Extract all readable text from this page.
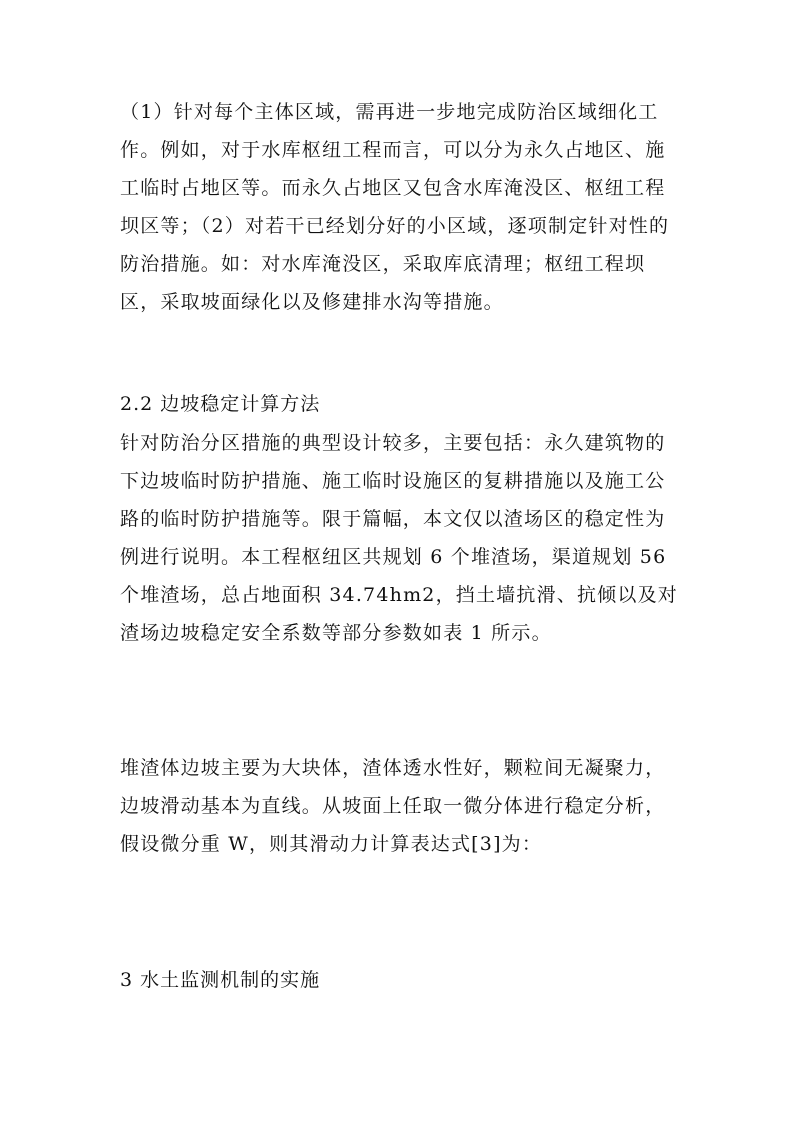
（1）针对每个主体区域，需再进一步地完成防治区域细化工作。例如，对于水库枢纽工程而言，可以分为永久占地区、施工临时占地区等。而永久占地区又包含水库淹没区、枢纽工程坝区等；（2）对若干已经划分好的小区域，逐项制定针对性的防治措施。如：对水库淹没区，采取库底清理；枢纽工程坝区，采取坡面绿化以及修建排水沟等措施。

2.2 边坡稳定计算方法

针对防治分区措施的典型设计较多，主要包括：永久建筑物的下边坡临时防护措施、施工临时设施区的复耕措施以及施工公路的临时防护措施等。限于篇幅，本文仅以渣场区的稳定性为例进行说明。本工程枢纽区共规划 6 个堆渣场，渠道规划 56 个堆渣场，总占地面积 34.74hm2，挡土墙抗滑、抗倾以及对渣场边坡稳定安全系数等部分参数如表 1 所示。

堆渣体边坡主要为大块体，渣体透水性好，颗粒间无凝聚力，边坡滑动基本为直线。从坡面上任取一微分体进行稳定分析，假设微分重 W，则其滑动力计算表达式[3]为：

3 水土监测机制的实施
